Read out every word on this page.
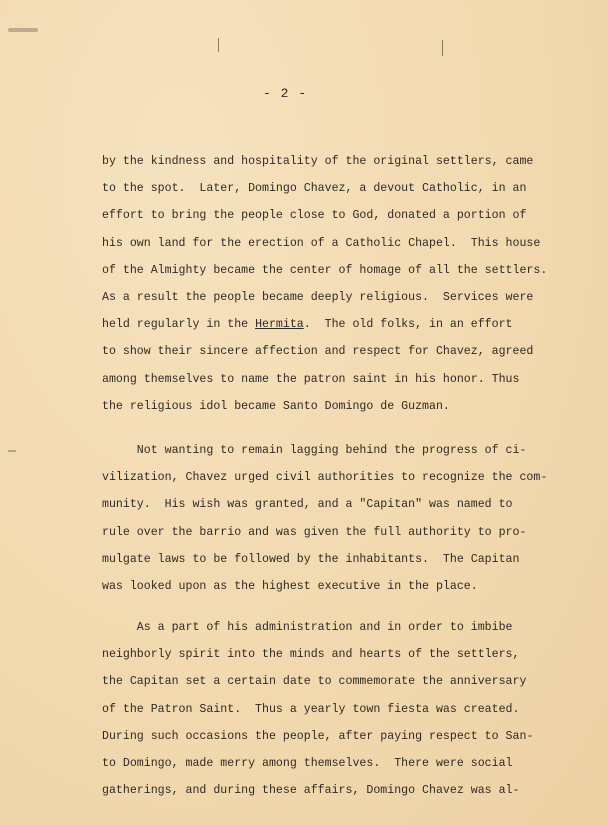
- 2 -

by the kindness and hospitality of the original settlers, came
to the spot.  Later, Domingo Chavez, a devout Catholic, in an
effort to bring the people close to God, donated a portion of
his own land for the erection of a Catholic Chapel.  This house
of the Almighty became the center of homage of all the settlers.
As a result the people became deeply religious.  Services were
held regularly in the Hermita.  The old folks, in an effort
to show their sincere affection and respect for Chavez, agreed
among themselves to name the patron saint in his honor. Thus
the religious idol became Santo Domingo de Guzman.

Not wanting to remain lagging behind the progress of ci-
vilization, Chavez urged civil authorities to recognize the com-
munity.  His wish was granted, and a "Capitan" was named to
rule over the barrio and was given the full authority to pro-
mulgate laws to be followed by the inhabitants.  The Capitan
was looked upon as the highest executive in the place.

As a part of his administration and in order to imbibe
neighborly spirit into the minds and hearts of the settlers,
the Capitan set a certain date to commemorate the anniversary
of the Patron Saint.  Thus a yearly town fiesta was created.
During such occasions the people, after paying respect to San-
to Domingo, made merry among themselves.  There were social
gatherings, and during these affairs, Domingo Chavez was al-
